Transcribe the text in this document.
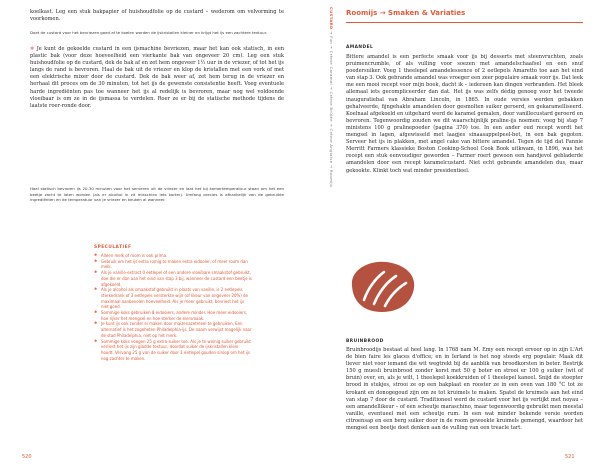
koelkast. Leg een stuk bakpapier of huishoudfolie op de custard – wederom om velvorming te voorkomen.

Doet de custard voor het bevriezen goed af te koelen worden de ijskristallen kleiner en krijgt het ijs een zachtere textuur.

❄ Je kunt de gekoelde custard in een ijsmachine bevriezen, maar het kan ook statisch, in een plastic bak (voor deze hoeveelheid een vierkante bak van ongeveer 20 cm). Leg een stuk huishoudfolie op de custard, dek de bak af en zet hem ongeveer 1½ uur in de vriezer, of tot het ijs langs de rand is bevroren. Haal de bak uit de vriezer en klop de kristallen met een vork of met een elektrische mixer door de custard. Dek de bak weer af, zet hem terug in de vriezer en herhaal dit proces om de 30 minuten, tot het ijs de gewenste consistentie heeft. Voeg eventuele harde ingrediënten pas toe wanneer het ijs al redelijk is bevroren, maar nog wel voldoende vloeibaar is om ze in de ijsmassa te verdelen. Roer ze er bij de statische methode tijdens de laatste roer-ronde door.

Haal statisch bevroren ijs 20-30 minuten voor het serveren uit de vriezer en laat het bij kamertemperatuur staan om het een beetje zacht te laten worden (als er alcohol in zit misschien iets korter). Umfang precies is afhankelijk van de gebruikte ingrediënten en de temperatuur van je vriezer en keuken al wanneer.

SPECULATIEF

✱ Alleen melk of room is ook prima.

✱ Gebruik om het ijs extra romig te maken extra eidooier, of meer room dan melk.

✱ Als je vanille-extract 0 eetlepel of een andere vloeibare smaakstof gebruikt, doe die er dan aan het eind van stap 3 bij, wanneer de custard een beetje is afgekoeld.

✱ Als je alcohol als smaakstof gebruikt in plaats van vanille, is 2 eetlepels sterkedrank of 3 eetlepels versterkte wijn (of likeur van ongeveer 20%) de maximaal aanbevolen hoeveelheid. Als je meer gebruikt, bevriest het ijs niet goed.

✱ Sommige koks gebruiken 8 eidooiers, andere minder. Hoe meer eidooiers, hoe rijker het mengsel en hoe sterker de eiersmaak.

✱ Je kunt ijs ook zonder ei maken door maizenazetmeel te gebruiken. Een alternatief is het zogeheten Philadelphia-ijs. De naam verwijst mogelijk naar de stad Philadelphia, niet op het merk.

✱ Sommige koks voegen 25 g extra suiker toe. Als je te weinig suiker gebruikt verliest het ijs zijn gladde textuur, doordat suiker de ijskristallen klein houdt. Vervang 25 g van de suiker door 1 eetlepel gouden siroop om het ijs nog zachter te maken.

520
CUSTARD → Fun → Crème Caramel → Crème Brûlée → Crème Anglaise → Roomijs
Roomijs → Smaken & Variaties

AMANDEL

Bittere amandel is een perfecte smaak voor ijs bij desserts met steenvruchten, zoals pruimencrumble, of als vulling voor soezen met amandelschaafsel en een snuf poedersuiker. Voeg 1 theelepel amandelessence of 2 eetlepels Amaretto toe aan het eind van stap 3. Ook gebrande amandel was vroeger een zeer populaire smaak voor ijs. Dat leek me een mooi recept voor mijn boek, dacht ik – iedereen kan dingen verbranden. Het bleek allemaal iets gecompliceerder dan dat. Het ijs was zelfs dédig genoeg voor het tweede inauguratiebal van Abraham Lincoln, in 1865. In oude versies werden gebakken gehalveerde, fijngehakte amandelen door gesmolten suiker geroerd, en gekaramelliseerd. Koelnaal afgekoeld en uitgehard werd de karamel gemalen, door vanillecustard geroerd en bevroren. Tegenwoordig zouden we dit waarschijnlijk praline-ijs noemen: voeg bij stap 7 ministens 100 g pralinepoeder (pagina 370) toe. In een ander oud recept wordt het mengsel in lagen, afgewisseld met laagjes sinaasappelpeel-bet, in een bak gegoten. Serveer het ijs in plakken, met angel cake van bittere amandel. Tegen de tijd dat Fannie Merritt Farmers klassieke Boston Cooking-School Cook Book uitkwam, in 1896, was het recept een stuk eenvoudiger geworden – Farmer roert gewoon een handjevol gebladerde amandelen door een recept karamelcustard. Niet echt gebrande amandelen dus, maar gekookte. Klinkt toch wat minder presidentieel.

BRUINBROOD

Bruinbroodijs bestaat al heel lang. In 1768 nam M. Emy een recept ervoor op in zijn L'Art de bien faire les glaces d'office; en in Ierland is het nog steeds erg populair. Maak dit liever niet voor iemand die wit wegtrekt bij de aanblik van broodkorsten in beter. Bestrijk 150 g muesli bruinbrood zonder korst met 50 g boter en strooi er 100 g suiker (wit of bruin) over, en, als je wilt, 1 theelepel koekkruiden of 1 theelepel kaneel. Snijd de stoepter brood in stukjes, strooi ze op een bakplaat en rooster ze in een oven van 180 °C tot ze krokant en donogegoud zijn om ze tot kruimels te maken. Spatel de kruimels aan het eind van stap 7 door de custard. Traditioneel werd de custard voor het ijs vertijkt met noyau – een amandellikeur – of een scheutje maraschino, maar tegenwoordig gebruikt men meestal vanille, eventueel met een scheutje rum. In een wat minder bekende versie worden citroensap en een berg suiker door in de room geweekte kruimels gemengd, waardoor het mengsel een beetje doet denken aan de vulling van een treacle tart.

521
